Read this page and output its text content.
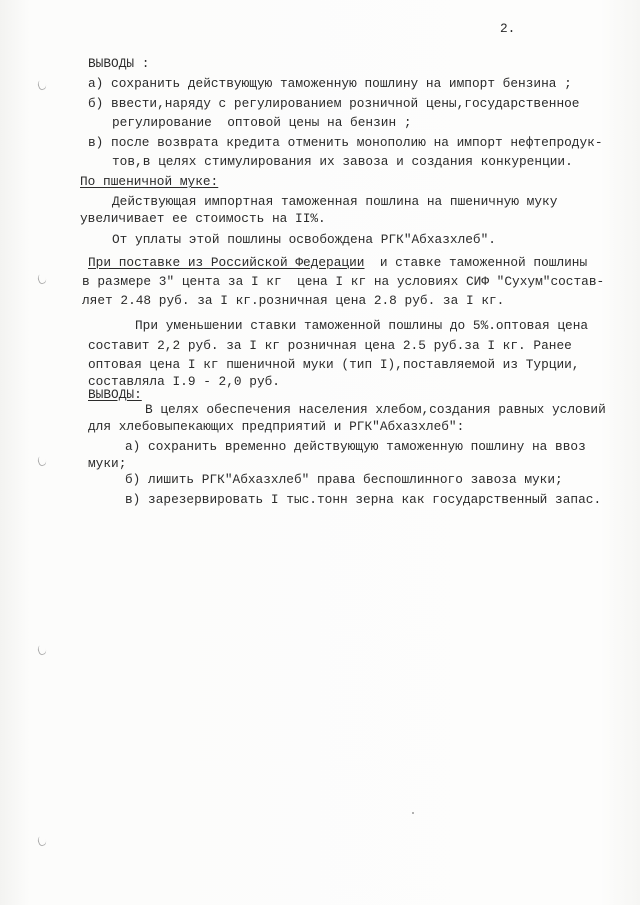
2.
ВЫВОДЫ :
а) сохранить действующую таможенную пошлину на импорт бензина ;
б) ввести,наряду с регулированием розничной цены,государственное
регулирование  оптовой цены на бензин ;
в) после возврата кредита отменить монополию на импорт нефтепродук-
тов,в целях стимулирования их завоза и создания конкуренции.
По пшеничной муке:
Действующая импортная таможенная пошлина на пшеничную муку
увеличивает ее стоимость на II%.
От уплаты этой пошлины освобождена РГК"Абхазхлеб".
При поставке из Российской Федерации  и ставке таможенной пошлины
в размере 3" цента за I кг  цена I кг на условиях СИФ "Сухум"состав-
ляет 2.48 руб. за I кг.розничная цена 2.8 руб. за I кг.
При уменьшении ставки таможенной пошлины до 5%.оптовая цена
составит 2,2 руб. за I кг розничная цена 2.5 руб.за I кг. Ранее
оптовая цена I кг пшеничной муки (тип I),поставляемой из Турции,
составляла I.9 - 2,0 руб.
ВЫВОДЫ:
В целях обеспечения населения хлебом,создания равных условий
для хлебовыпекающих предприятий и РГК"Абхазхлеб":
а) сохранить временно действующую таможенную пошлину на ввоз
муки;
б) лишить РГК"Абхазхлеб" права беспошлинного завоза муки;
в) зарезервировать I тыс.тонн зерна как государственный запас.
